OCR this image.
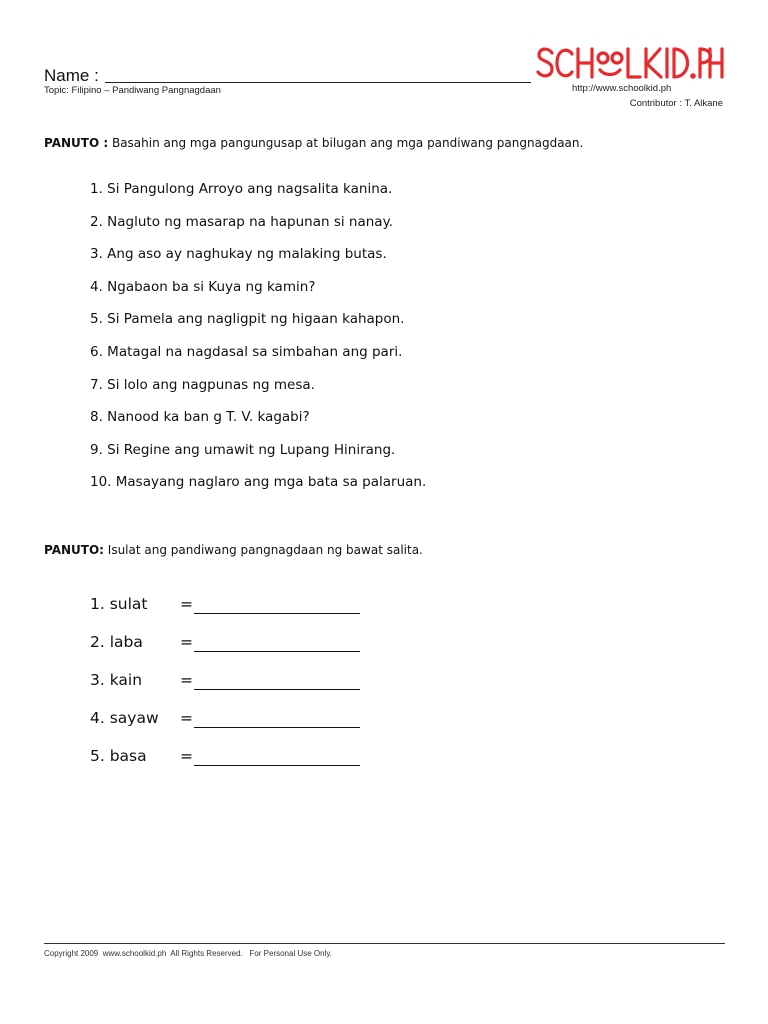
Name :
Topic: Filipino – Pandiwang Pangnagdaan	http://www.schoolkid.ph
Contributor : T. Alkane
PANUTO : Basahin ang mga pangungusap at bilugan ang mga pandiwang pangnagdaan.
1. Si Pangulong Arroyo ang nagsalita kanina.
2. Nagluto ng masarap na hapunan si nanay.
3. Ang aso ay naghukay ng malaking butas.
4. Ngabaon ba si Kuya ng kamin?
5. Si Pamela ang nagligpit ng higaan kahapon.
6. Matagal na nagdasal sa simbahan ang pari.
7. Si lolo ang nagpunas ng mesa.
8. Nanood ka ban g T. V. kagabi?
9. Si Regine ang umawit ng Lupang Hinirang.
10. Masayang naglaro ang mga bata sa palaruan.
PANUTO: Isulat ang pandiwang pangnagdaan ng bawat salita.
1. sulat =
2. laba =
3. kain =
4. sayaw =
5. basa =
Copyright 2009  www.schoolkid.ph  All Rights Reserved.   For Personal Use Only.
